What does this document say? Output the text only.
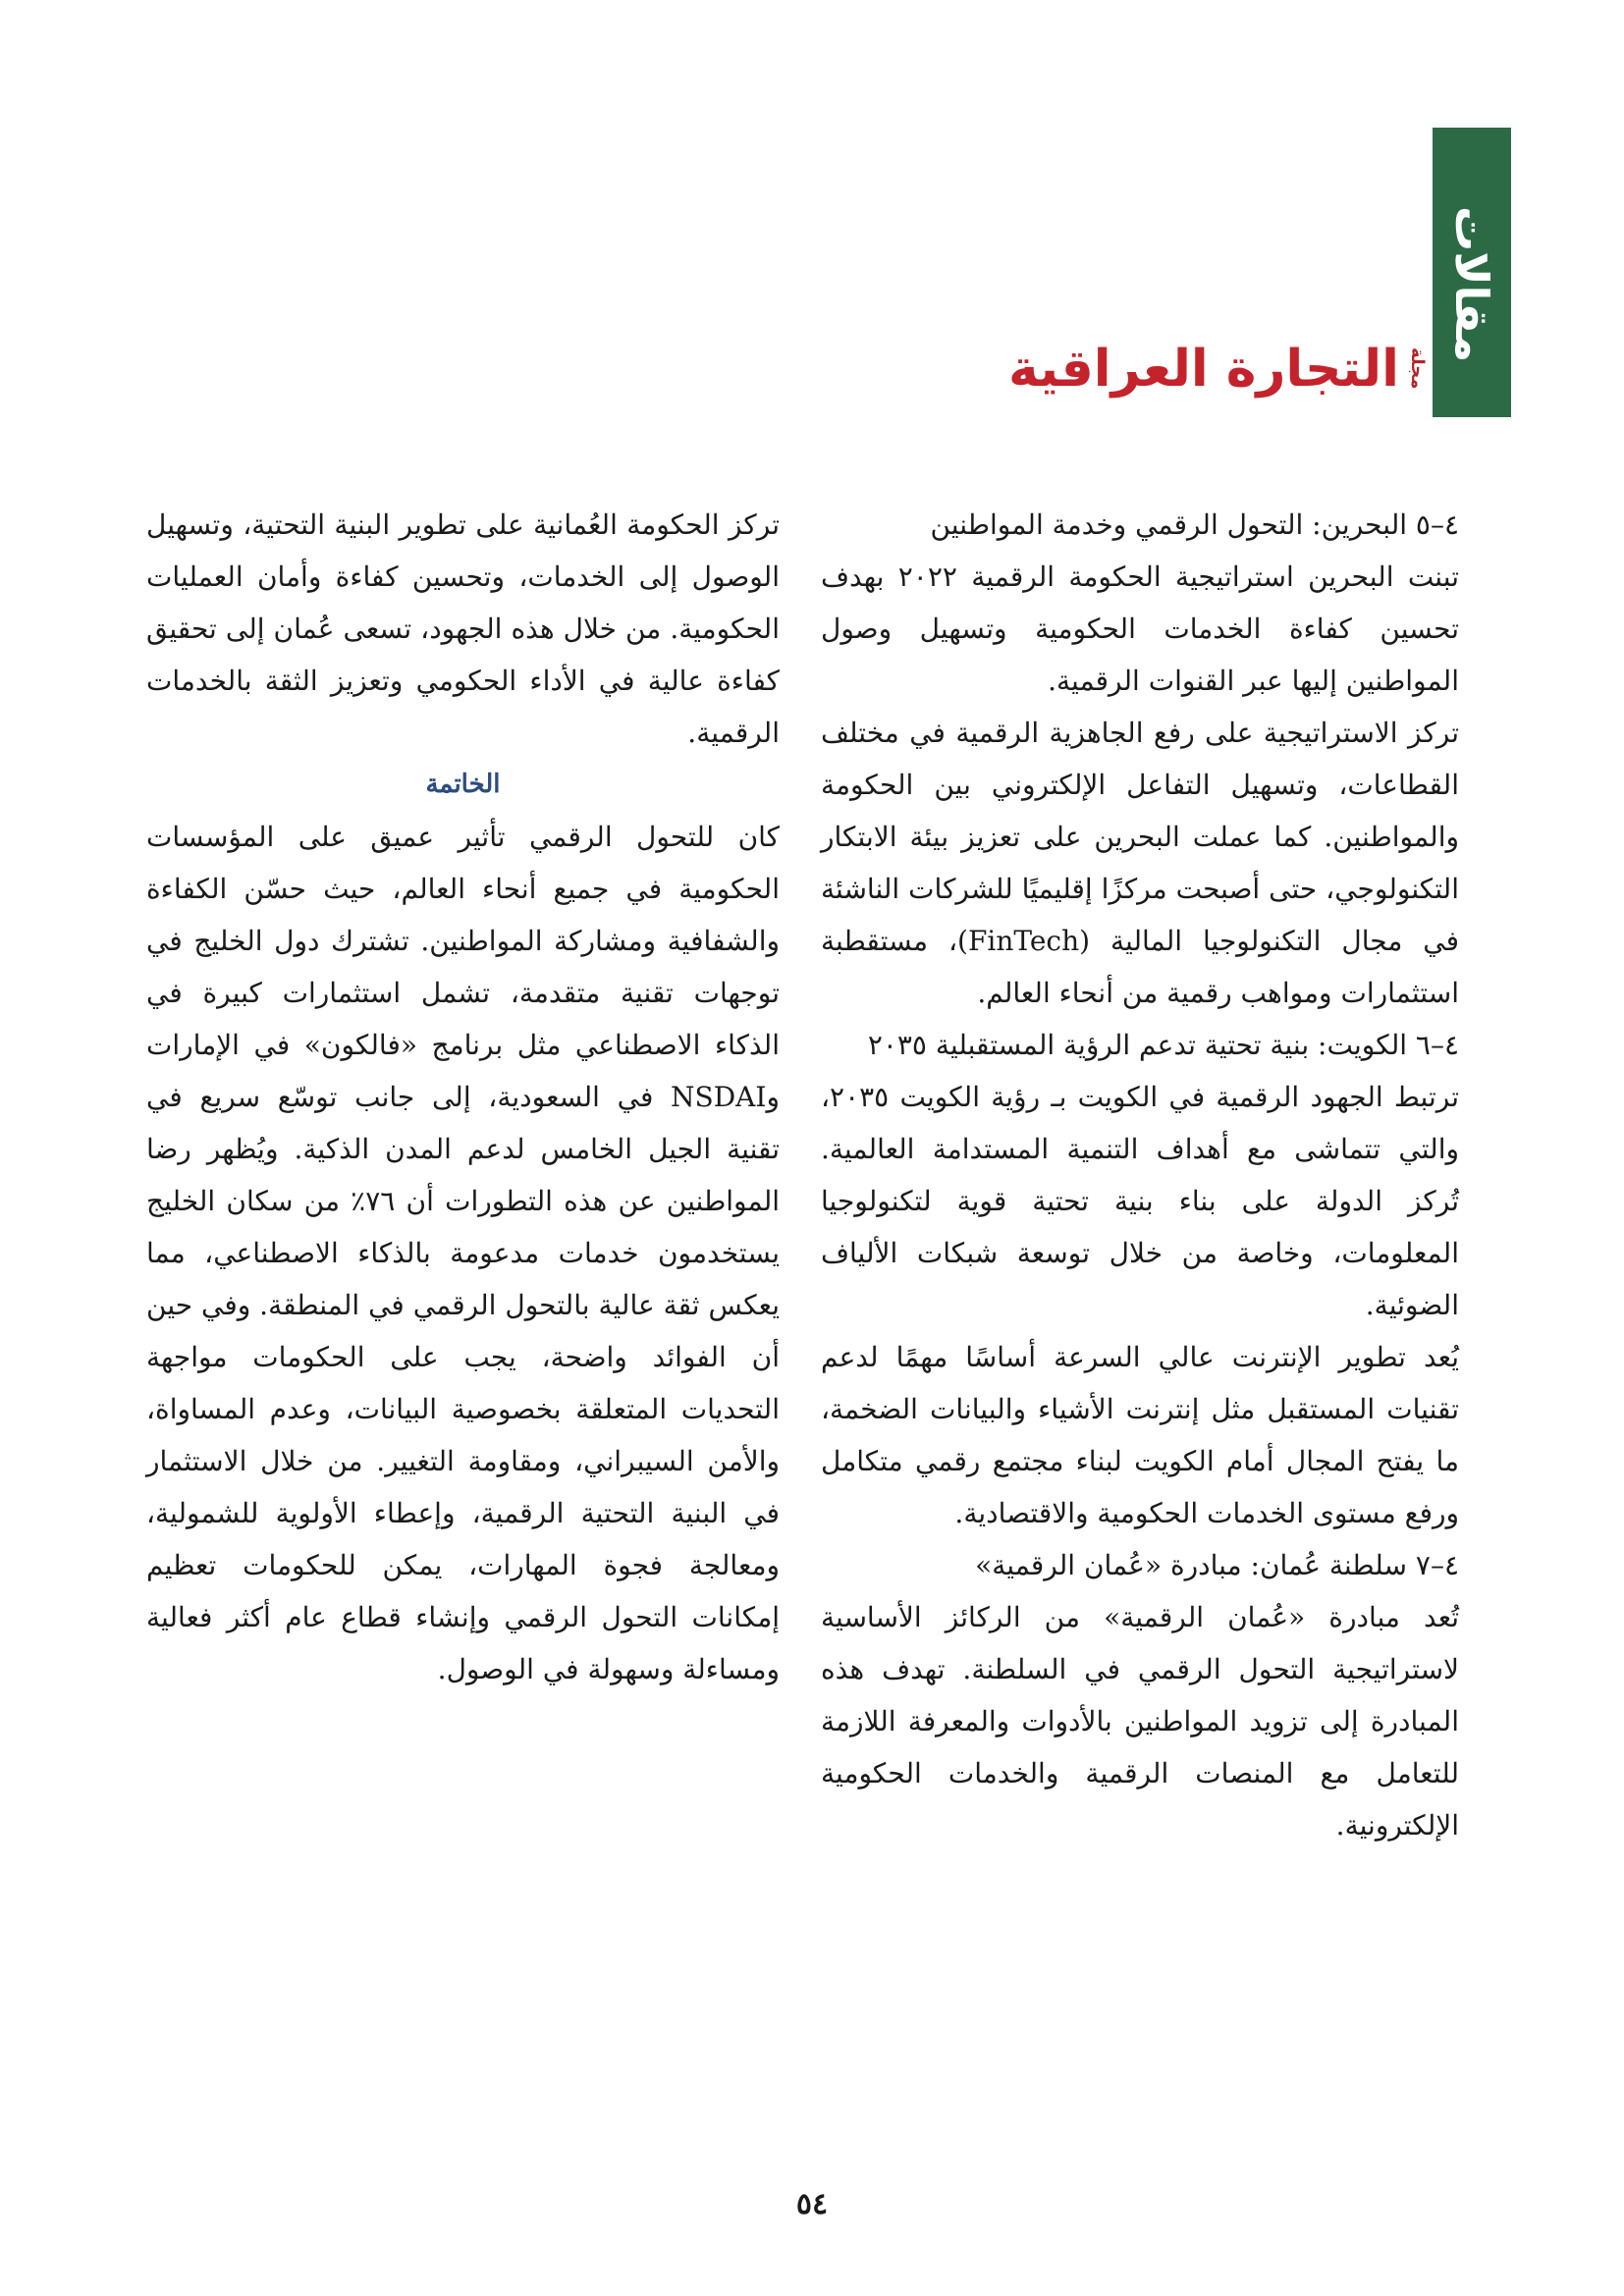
مقالات
مجلة
التجارة العراقية

٤–٥ البحرين: التحول الرقمي وخدمة المواطنين

تبنت البحرين استراتيجية الحكومة الرقمية ٢٠٢٢ بهدف تحسين كفاءة الخدمات الحكومية وتسهيل وصول المواطنين إليها عبر القنوات الرقمية.

تركز الاستراتيجية على رفع الجاهزية الرقمية في مختلف القطاعات، وتسهيل التفاعل الإلكتروني بين الحكومة والمواطنين. كما عملت البحرين على تعزيز بيئة الابتكار التكنولوجي، حتى أصبحت مركزًا إقليميًا للشركات الناشئة في مجال التكنولوجيا المالية (FinTech)، مستقطبة استثمارات ومواهب رقمية من أنحاء العالم.

٤–٦ الكويت: بنية تحتية تدعم الرؤية المستقبلية ٢٠٣٥

ترتبط الجهود الرقمية في الكويت بـ رؤية الكويت ٢٠٣٥، والتي تتماشى مع أهداف التنمية المستدامة العالمية. تُركز الدولة على بناء بنية تحتية قوية لتكنولوجيا المعلومات، وخاصة من خلال توسعة شبكات الألياف الضوئية.

يُعد تطوير الإنترنت عالي السرعة أساسًا مهمًا لدعم تقنيات المستقبل مثل إنترنت الأشياء والبيانات الضخمة، ما يفتح المجال أمام الكويت لبناء مجتمع رقمي متكامل ورفع مستوى الخدمات الحكومية والاقتصادية.

٤–٧ سلطنة عُمان: مبادرة «عُمان الرقمية»

تُعد مبادرة «عُمان الرقمية» من الركائز الأساسية لاستراتيجية التحول الرقمي في السلطنة. تهدف هذه المبادرة إلى تزويد المواطنين بالأدوات والمعرفة اللازمة للتعامل مع المنصات الرقمية والخدمات الحكومية الإلكترونية.

تركز الحكومة العُمانية على تطوير البنية التحتية، وتسهيل الوصول إلى الخدمات، وتحسين كفاءة وأمان العمليات الحكومية. من خلال هذه الجهود، تسعى عُمان إلى تحقيق كفاءة عالية في الأداء الحكومي وتعزيز الثقة بالخدمات الرقمية.

الخاتمة

كان للتحول الرقمي تأثير عميق على المؤسسات الحكومية في جميع أنحاء العالم، حيث حسّن الكفاءة والشفافية ومشاركة المواطنين. تشترك دول الخليج في توجهات تقنية متقدمة، تشمل استثمارات كبيرة في الذكاء الاصطناعي مثل برنامج «فالكون» في الإمارات وNSDAI في السعودية، إلى جانب توسّع سريع في تقنية الجيل الخامس لدعم المدن الذكية. ويُظهر رضا المواطنين عن هذه التطورات أن ٧٦٪ من سكان الخليج يستخدمون خدمات مدعومة بالذكاء الاصطناعي، مما يعكس ثقة عالية بالتحول الرقمي في المنطقة. وفي حين أن الفوائد واضحة، يجب على الحكومات مواجهة التحديات المتعلقة بخصوصية البيانات، وعدم المساواة، والأمن السيبراني، ومقاومة التغيير. من خلال الاستثمار في البنية التحتية الرقمية، وإعطاء الأولوية للشمولية، ومعالجة فجوة المهارات، يمكن للحكومات تعظيم إمكانات التحول الرقمي وإنشاء قطاع عام أكثر فعالية ومساءلة وسهولة في الوصول.

٥٤
